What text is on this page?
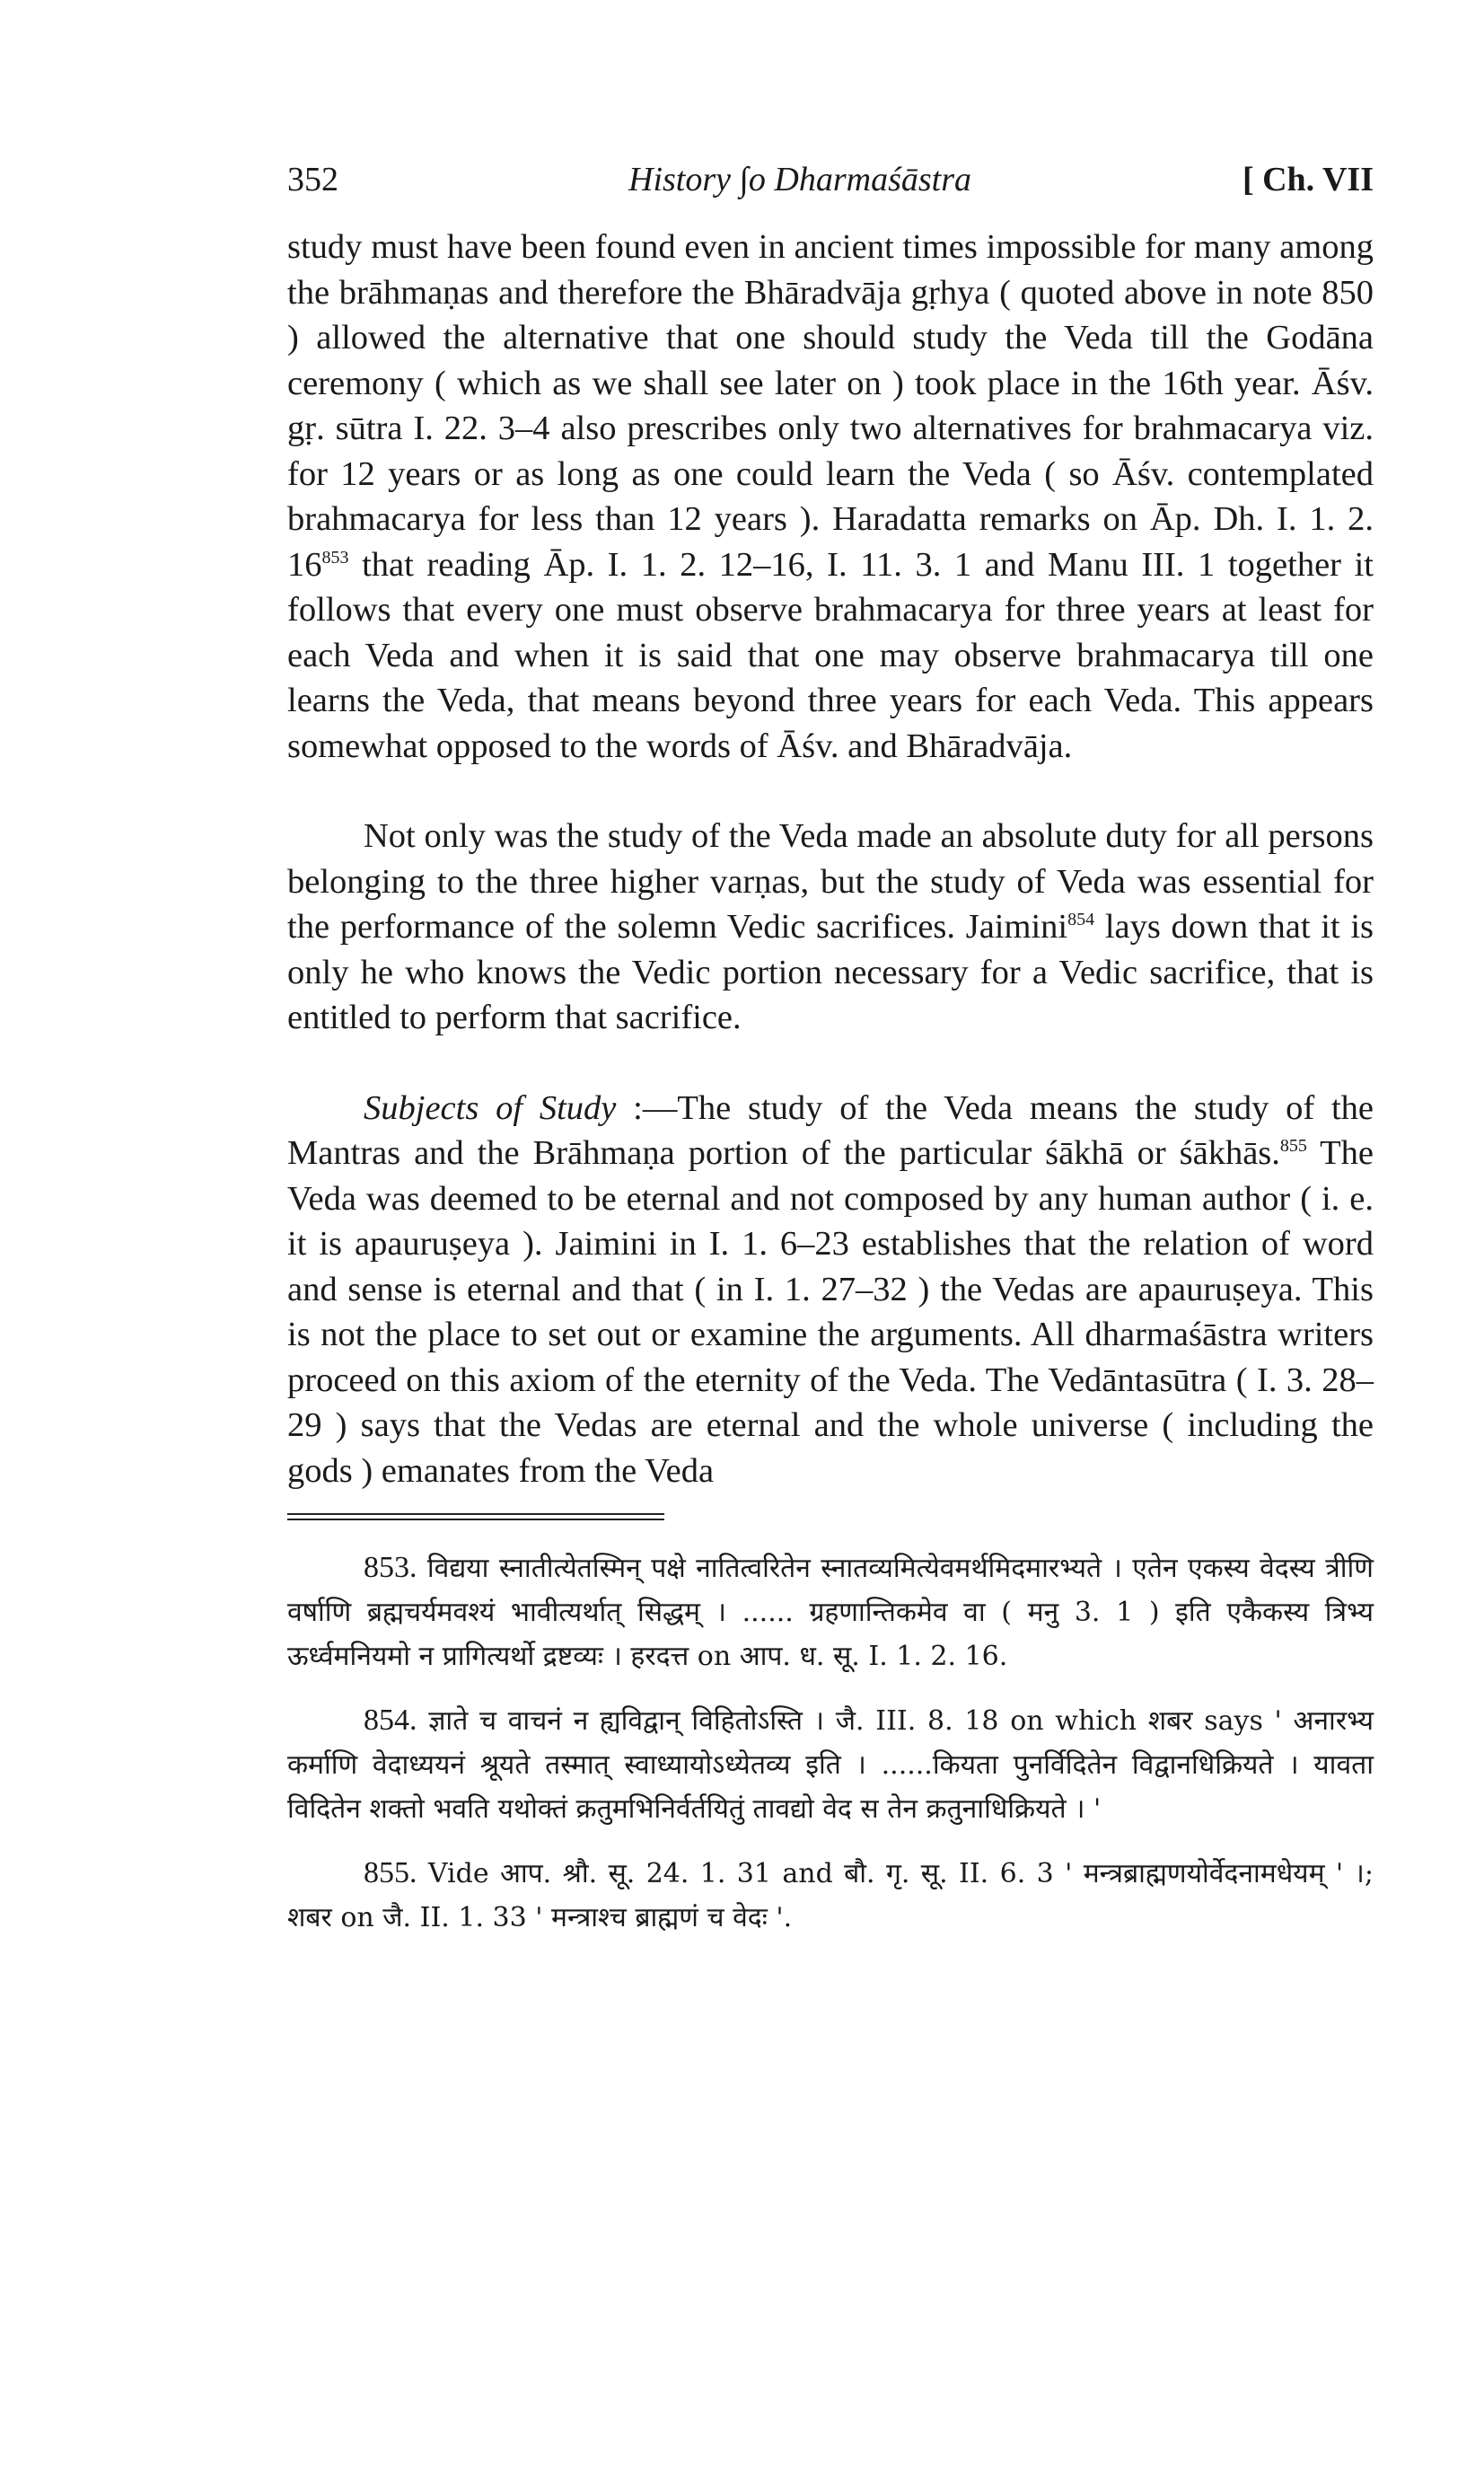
352	History ∫o Dharmaśāstra	[ Ch. VII

study must have been found even in ancient times impossible for many among the brāhmaṇas and therefore the Bhāradvāja gṛhya ( quoted above in note 850 ) allowed the alternative that one should study the Veda till the Godāna ceremony ( which as we shall see later on ) took place in the 16th year. Āśv. gṛ. sūtra I. 22. 3–4 also prescribes only two alternatives for brahmacarya viz. for 12 years or as long as one could learn the Veda ( so Āśv. contemplated brahmacarya for less than 12 years ). Haradatta remarks on Āp. Dh. I. 1. 2. $16^{853}$ that reading Āp. I. 1. 2. 12–16, I. 11. 3. 1 and Manu III. 1 together it follows that every one must observe brahmacarya for three years at least for each Veda and when it is said that one may observe brahmacarya till one learns the Veda, that means beyond three years for each Veda. This appears somewhat opposed to the words of Āśv. and Bhāradvāja.

Not only was the study of the Veda made an absolute duty for all persons belonging to the three higher varṇas, but the study of Veda was essential for the performance of the solemn Vedic sacrifices. Jaimini$^{854}$ lays down that it is only he who knows the Vedic portion necessary for a Vedic sacrifice, that is entitled to perform that sacrifice.

Subjects of Study :—The study of the Veda means the study of the Mantras and the Brāhmaṇa portion of the particular śākhā or śākhās.$^{855}$ The Veda was deemed to be eternal and not composed by any human author ( i. e. it is apauruṣeya ). Jaimini in I. 1. 6–23 establishes that the relation of word and sense is eternal and that ( in I. 1. 27–32 ) the Vedas are apauruṣeya. This is not the place to set out or examine the arguments. All dharmaśāstra writers proceed on this axiom of the eternity of the Veda. The Vedāntasūtra ( I. 3. 28–29 ) says that the Vedas are eternal and the whole universe ( including the gods ) emanates from the Veda

853. विद्यया स्नातीत्येतस्मिन् पक्षे नातित्वरितेन स्नातव्यमित्येवमर्थमिदमारभ्यते । एतेन एकस्य वेदस्य त्रीणि वर्षाणि ब्रह्मचर्यमवश्यं भावीत्यर्थात् सिद्धम् । ...... ग्रहणान्तिकमेव वा ( मनु 3. 1 ) इति एकैकस्य त्रिभ्य ऊर्ध्वमनियमो न प्रागित्यर्थो द्रष्टव्यः । हरदत्त on आप. ध. सू. I. 1. 2. 16.

854. ज्ञाते च वाचनं न ह्यविद्वान् विहितोऽस्ति । जै. III. 8. 18 on which शबर says ' अनारभ्य कर्माणि वेदाध्ययनं श्रूयते तस्मात् स्वाध्यायोऽध्येतव्य इति । ......कियता पुनर्विदितेन विद्वानधिक्रियते । यावता विदितेन शक्तो भवति यथोक्तं क्रतुमभिनिर्वर्तयितुं तावद्यो वेद स तेन क्रतुनाधिक्रियते । '

855. Vide आप. श्रौ. सू. 24. 1. 31 and बौ. गृ. सू. II. 6. 3 ' मन्त्रब्राह्मणयोर्वेदनामधेयम् ' ।; शबर on जै. II. 1. 33 ' मन्त्राश्च ब्राह्मणं च वेदः '.
